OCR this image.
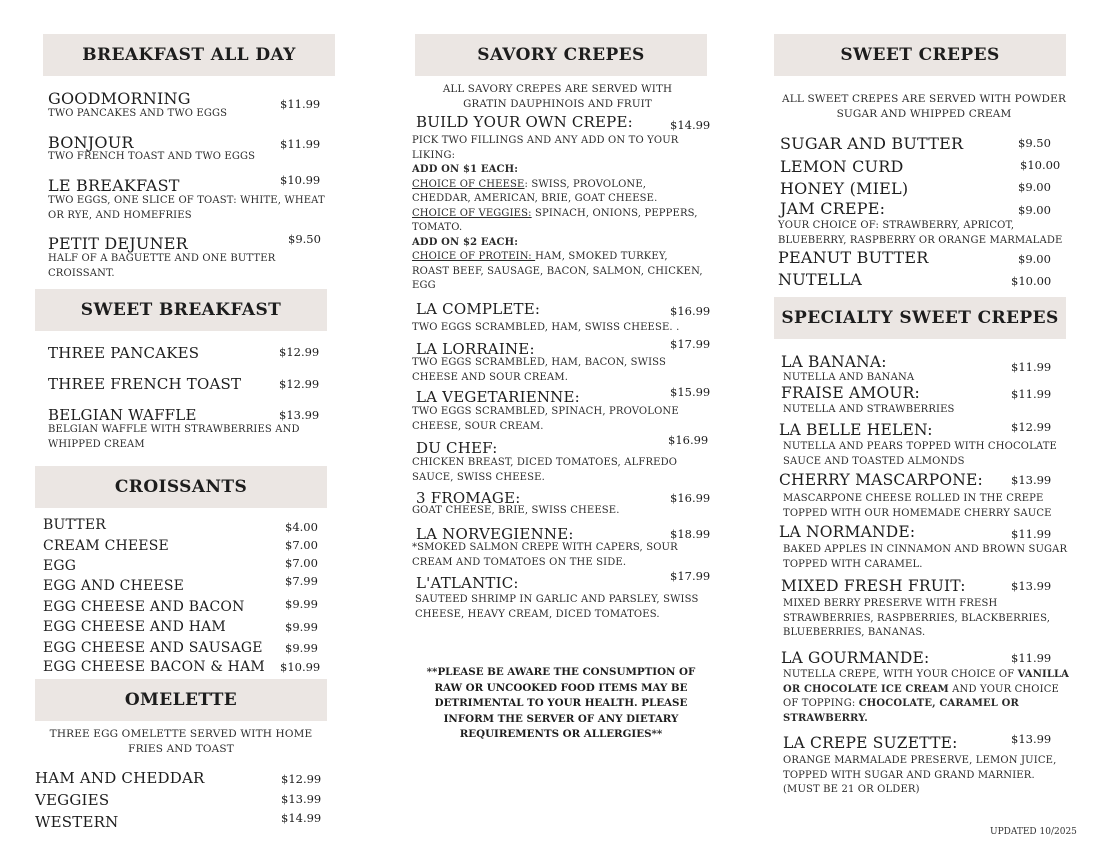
BREAKFAST ALL DAY
GOODMORNING	$11.99
TWO PANCAKES AND TWO EGGS
BONJOUR	$11.99
TWO FRENCH TOAST AND TWO EGGS
LE BREAKFAST	$10.99
TWO EGGS, ONE SLICE OF TOAST: WHITE, WHEAT OR RYE, AND HOMEFRIES
PETIT DEJUNER	$9.50
HALF OF A BAGUETTE AND ONE BUTTER CROISSANT.
SWEET BREAKFAST
THREE PANCAKES	$12.99
THREE FRENCH TOAST	$12.99
BELGIAN WAFFLE	$13.99
BELGIAN WAFFLE WITH STRAWBERRIES AND WHIPPED CREAM
CROISSANTS
BUTTER	$4.00
CREAM CHEESE	$7.00
EGG	$7.00
EGG AND CHEESE	$7.99
EGG CHEESE AND BACON	$9.99
EGG CHEESE AND HAM	$9.99
EGG CHEESE AND SAUSAGE $9.99
EGG CHEESE BACON & HAM $10.99
OMELETTE
THREE EGG OMELETTE SERVED WITH HOME FRIES AND TOAST
HAM AND CHEDDAR	$12.99
VEGGIES	$13.99
WESTERN	$14.99
SAVORY CREPES
ALL SAVORY CREPES ARE SERVED WITH GRATIN DAUPHINOIS AND FRUIT
BUILD YOUR OWN CREPE:	$14.99
PICK TWO FILLINGS AND ANY ADD ON TO YOUR LIKING:
ADD ON $1 EACH:
CHOICE OF CHEESE: SWISS, PROVOLONE, CHEDDAR, AMERICAN, BRIE, GOAT CHEESE.
CHOICE OF VEGGIES: SPINACH, ONIONS, PEPPERS, TOMATO.
ADD ON $2 EACH:
CHOICE OF PROTEIN: HAM, SMOKED TURKEY, ROAST BEEF, SAUSAGE, BACON, SALMON, CHICKEN, EGG
LA COMPLETE:	$16.99
TWO EGGS SCRAMBLED, HAM, SWISS CHEESE. .
LA LORRAINE:	$17.99
TWO EGGS SCRAMBLED, HAM, BACON, SWISS CHEESE AND SOUR CREAM.
LA VEGETARIENNE:	$15.99
TWO EGGS SCRAMBLED, SPINACH, PROVOLONE CHEESE, SOUR CREAM.
DU CHEF:	$16.99
CHICKEN BREAST, DICED TOMATOES, ALFREDO SAUCE, SWISS CHEESE.
3 FROMAGE:	$16.99
GOAT CHEESE, BRIE, SWISS CHEESE.
LA NORVEGIENNE:	$18.99
*SMOKED SALMON CREPE WITH CAPERS, SOUR CREAM AND TOMATOES ON THE SIDE.
L'ATLANTIC:	$17.99
SAUTEED SHRIMP IN GARLIC AND PARSLEY, SWISS CHEESE, HEAVY CREAM, DICED TOMATOES.
**PLEASE BE AWARE THE CONSUMPTION OF RAW OR UNCOOKED FOOD ITEMS MAY BE DETRIMENTAL TO YOUR HEALTH. PLEASE INFORM THE SERVER OF ANY DIETARY REQUIREMENTS OR ALLERGIES**
SWEET CREPES
ALL SWEET CREPES ARE SERVED WITH POWDER SUGAR AND WHIPPED CREAM
SUGAR AND BUTTER	$9.50
LEMON CURD	$10.00
HONEY (MIEL)	$9.00
JAM CREPE:	$9.00
YOUR CHOICE OF: STRAWBERRY, APRICOT, BLUEBERRY, RASPBERRY OR ORANGE MARMALADE
PEANUT BUTTER	$9.00
NUTELLA	$10.00
SPECIALTY SWEET CREPES
LA BANANA:	$11.99
NUTELLA AND BANANA
FRAISE AMOUR:	$11.99
NUTELLA AND STRAWBERRIES
LA BELLE HELEN:	$12.99
NUTELLA AND PEARS TOPPED WITH CHOCOLATE SAUCE AND TOASTED ALMONDS
CHERRY MASCARPONE: $13.99
MASCARPONE CHEESE ROLLED IN THE CREPE TOPPED WITH OUR HOMEMADE CHERRY SAUCE
LA NORMANDE:	$11.99
BAKED APPLES IN CINNAMON AND BROWN SUGAR TOPPED WITH CARAMEL.
MIXED FRESH FRUIT:	$13.99
MIXED BERRY PRESERVE WITH FRESH STRAWBERRIES, RASPBERRIES, BLACKBERRIES, BLUEBERRIES, BANANAS.
LA GOURMANDE:	$11.99
NUTELLA CREPE, WITH YOUR CHOICE OF VANILLA OR CHOCOLATE ICE CREAM AND YOUR CHOICE OF TOPPING: CHOCOLATE, CARAMEL OR STRAWBERRY.
LA CREPE SUZETTE:	$13.99
ORANGE MARMALADE PRESERVE, LEMON JUICE, TOPPED WITH SUGAR AND GRAND MARNIER. (MUST BE 21 OR OLDER)
UPDATED 10/2025
